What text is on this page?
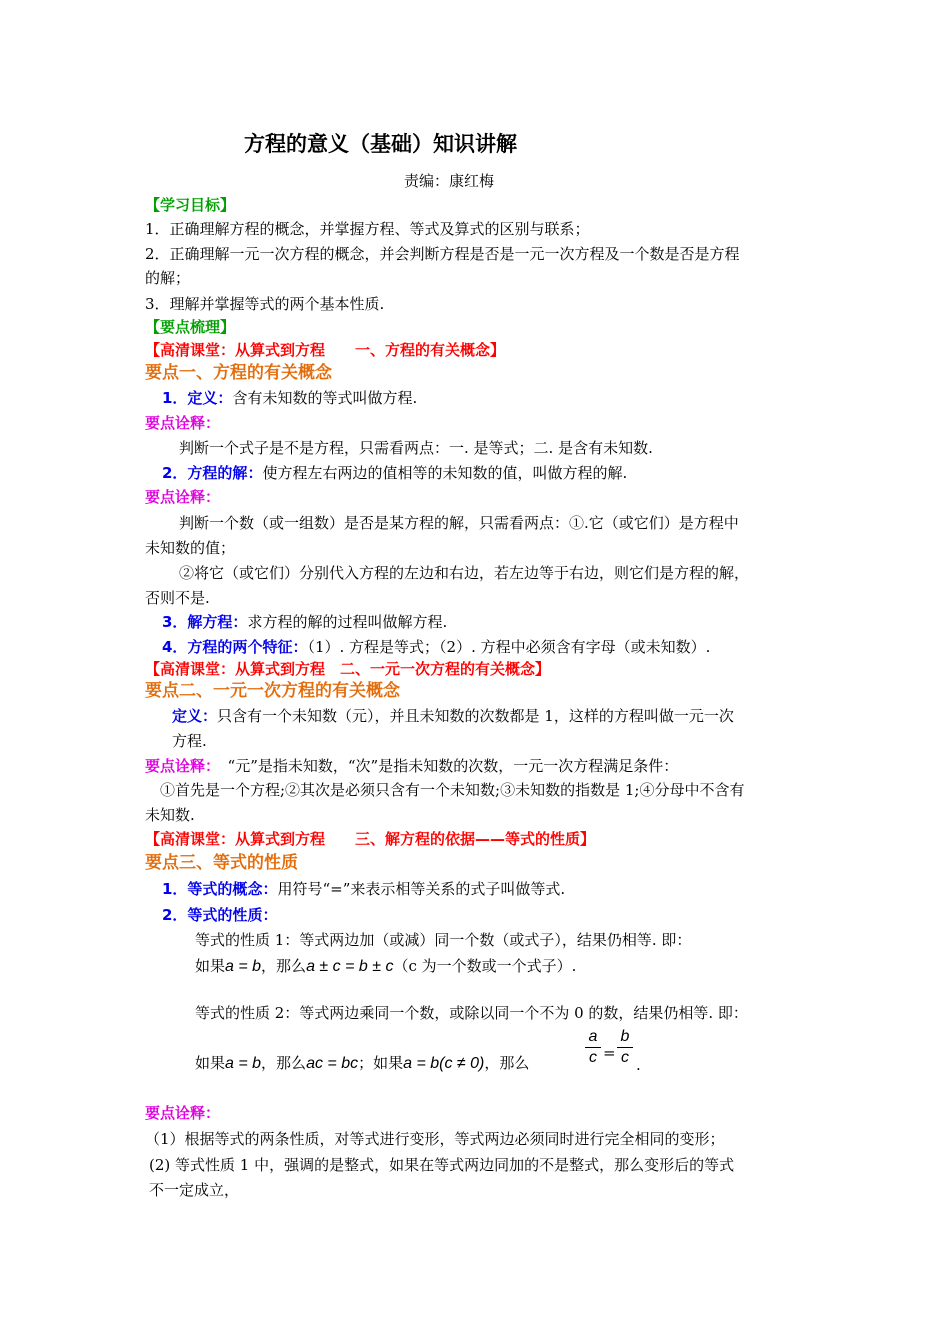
方程的意义（基础）知识讲解
责编：康红梅
【学习目标】
1．正确理解方程的概念，并掌握方程、等式及算式的区别与联系；
2．正确理解一元一次方程的概念，并会判断方程是否是一元一次方程及一个数是否是方程
的解；
3．理解并掌握等式的两个基本性质.
【要点梳理】
【高清课堂：从算式到方程　　一、方程的有关概念】
要点一、方程的有关概念
1．定义：含有未知数的等式叫做方程.
要点诠释：
判断一个式子是不是方程，只需看两点：一. 是等式；二. 是含有未知数.
2．方程的解：使方程左右两边的值相等的未知数的值，叫做方程的解.
要点诠释：
判断一个数（或一组数）是否是某方程的解，只需看两点：①.它（或它们）是方程中
未知数的值；
②将它（或它们）分别代入方程的左边和右边，若左边等于右边，则它们是方程的解，
否则不是.
3．解方程：求方程的解的过程叫做解方程.
4．方程的两个特征：（1）. 方程是等式；（2）. 方程中必须含有字母（或未知数）.
【高清课堂：从算式到方程　二、一元一次方程的有关概念】
要点二、一元一次方程的有关概念
定义：只含有一个未知数（元），并且未知数的次数都是 1，这样的方程叫做一元一次
方程.
要点诠释：　 “元”是指未知数，“次”是指未知数的次数，一元一次方程满足条件：
①首先是一个方程;②其次是必须只含有一个未知数;③未知数的指数是 1;④分母中不含有
未知数.
【高清课堂：从算式到方程　　三、解方程的依据——等式的性质】
要点三、等式的性质
1．等式的概念：用符号“=”来表示相等关系的式子叫做等式.
2．等式的性质：
等式的性质 1：等式两边加（或减）同一个数（或式子），结果仍相等. 即：
如果a = b，那么a ± c = b ± c（c 为一个数或一个式子）.
等式的性质 2：等式两边乘同一个数，或除以同一个不为 0 的数，结果仍相等. 即：
如果a = b，那么ac = bc；如果a = b(c ≠ 0)，那么
a
c =
b
c .
要点诠释：
（1）根据等式的两条性质，对等式进行变形，等式两边必须同时进行完全相同的变形；
(2) 等式性质 1 中，强调的是整式，如果在等式两边同加的不是整式，那么变形后的等式
不一定成立，
